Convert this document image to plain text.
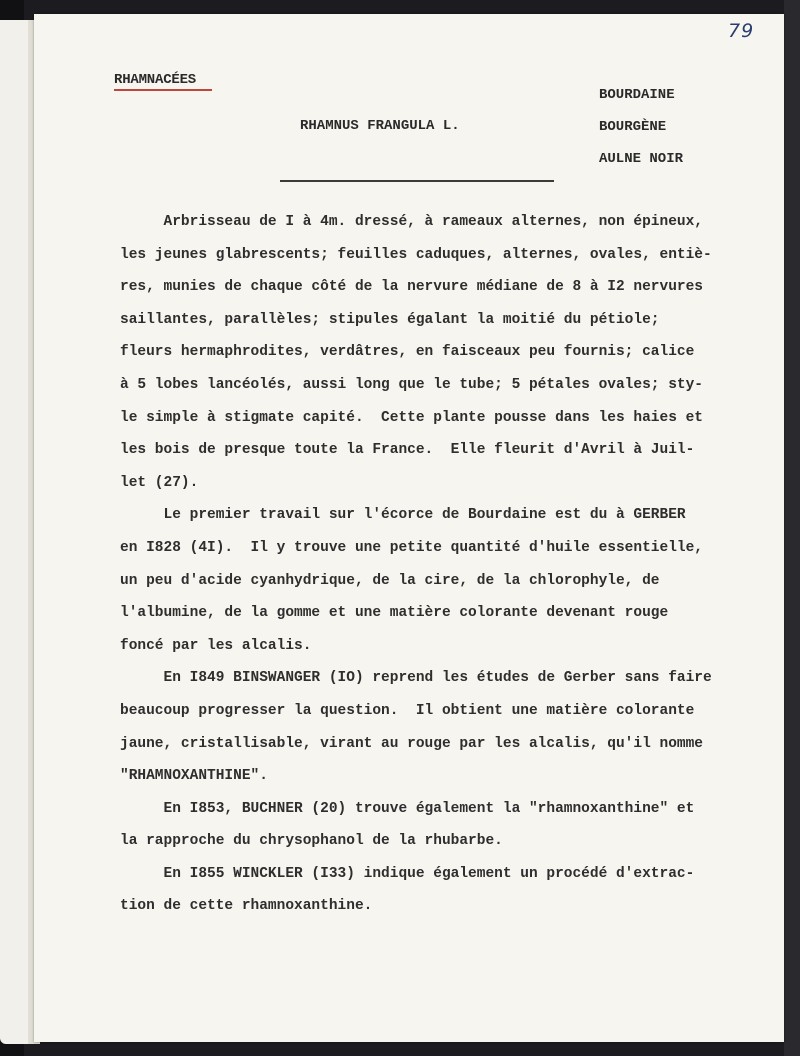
79
RHAMNACÉES
RHAMNUS FRANGULA L.
BOURDAINE
BOURGÈNE
AULNE NOIR
Arbrisseau de I à 4m. dressé, à rameaux alternes, non épineux,
les jeunes glabrescents; feuilles caduques, alternes, ovales, entiè-
res, munies de chaque côté de la nervure médiane de 8 à I2 nervures
saillantes, parallèles; stipules égalant la moitié du pétiole;
fleurs hermaphrodites, verdâtres, en faisceaux peu fournis; calice
à 5 lobes lancéolés, aussi long que le tube; 5 pétales ovales; sty-
le simple à stigmate capité.  Cette plante pousse dans les haies et
les bois de presque toute la France.  Elle fleurit d'Avril à Juil-
let (27).
Le premier travail sur l'écorce de Bourdaine est du à GERBER
en I828 (4I).  Il y trouve une petite quantité d'huile essentielle,
un peu d'acide cyanhydrique, de la cire, de la chlorophyle, de
l'albumine, de la gomme et une matière colorante devenant rouge
foncé par les alcalis.
En I849 BINSWANGER (IO) reprend les études de Gerber sans faire
beaucoup progresser la question.  Il obtient une matière colorante
jaune, cristallisable, virant au rouge par les alcalis, qu'il nomme
"RHAMNOXANTHINE".
En I853, BUCHNER (20) trouve également la "rhamnoxanthine" et
la rapproche du chrysophanol de la rhubarbe.
En I855 WINCKLER (I33) indique également un procédé d'extrac-
tion de cette rhamnoxanthine.
